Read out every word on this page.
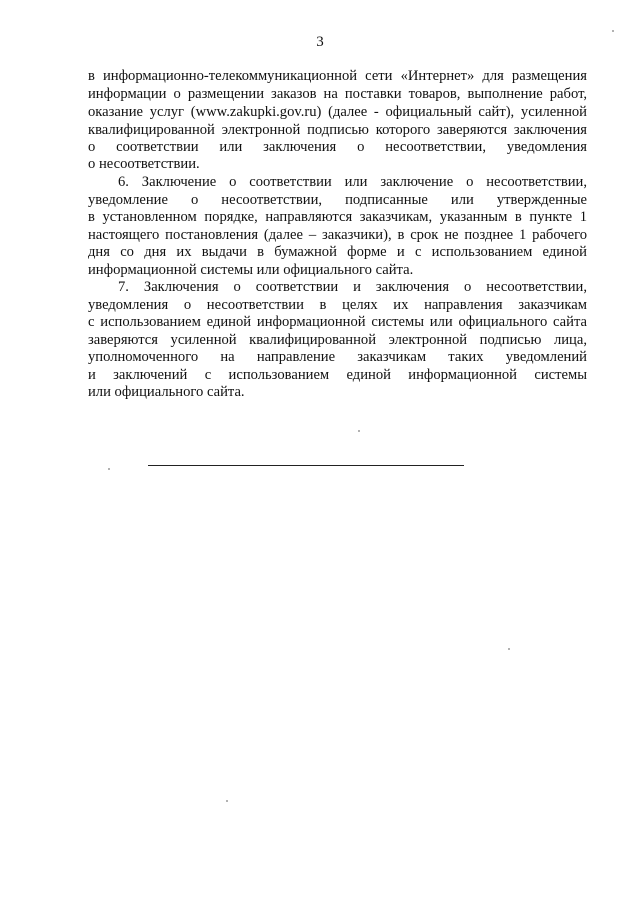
3
в информационно-телекоммуникационной сети «Интернет» для размещения
информации о размещении заказов на поставки товаров, выполнение работ,
оказание услуг (www.zakupki.gov.ru) (далее - официальный сайт), усиленной
квалифицированной электронной подписью которого заверяются заключения
о соответствии или заключения о несоответствии, уведомления
о несоответствии.
6. Заключение о соответствии или заключение о несоответствии,
уведомление о несоответствии, подписанные или утвержденные
в установленном порядке, направляются заказчикам, указанным в пункте 1
настоящего постановления (далее – заказчики), в срок не позднее 1 рабочего
дня со дня их выдачи в бумажной форме и с использованием единой
информационной системы или официального сайта.
7. Заключения о соответствии и заключения о несоответствии,
уведомления о несоответствии в целях их направления заказчикам
с использованием единой информационной системы или официального сайта
заверяются усиленной квалифицированной электронной подписью лица,
уполномоченного на направление заказчикам таких уведомлений
и заключений с использованием единой информационной системы
или официального сайта.
